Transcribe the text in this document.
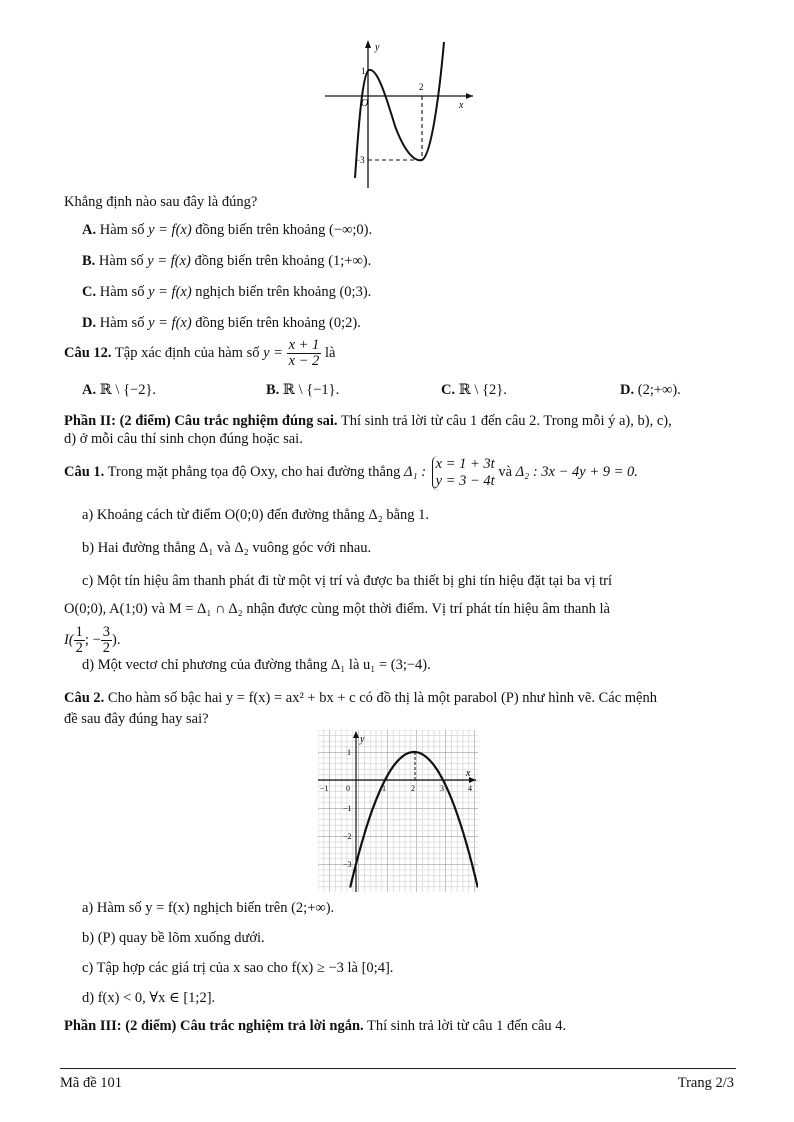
y
x
O
1
2
−3
Khẳng định nào sau đây là đúng?
A. Hàm số y = f(x) đồng biến trên khoảng (−∞;0).
B. Hàm số y = f(x) đồng biến trên khoảng (1;+∞).
C. Hàm số y = f(x) nghịch biến trên khoảng (0;3).
D. Hàm số y = f(x) đồng biến trên khoảng (0;2).
Câu 12. Tập xác định của hàm số $y = \frac{x + 1}{x - 2}$ là
A. ℝ \ {−2}.	B. ℝ \ {−1}.	C. ℝ \ {2}.	D. (2;+∞).
Phần II: (2 điểm) Câu trắc nghiệm đúng sai. Thí sinh trả lời từ câu 1 đến câu 2. Trong mỗi ý a), b), c),
d) ở mỗi câu thí sinh chọn đúng hoặc sai.
Câu 1. Trong mặt phẳng tọa độ Oxy, cho hai đường thẳng Δ₁ :
x = 1 + 3t
y = 3 − 4t
và Δ₂ : 3x − 4y + 9 = 0.
a) Khoảng cách từ điểm O(0;0) đến đường thẳng Δ₂ bằng 1.
b) Hai đường thẳng Δ₁ và Δ₂ vuông góc với nhau.
c) Một tín hiệu âm thanh phát đi từ một vị trí và được ba thiết bị ghi tín hiệu đặt tại ba vị trí
O(0;0), A(1;0) và M = Δ₁ ∩ Δ₂ nhận được cùng một thời điểm. Vị trí phát tín hiệu âm thanh là
$I( \frac{1}{2}$ ; − $\frac{3}{2}$ ).
d) Một vectơ chỉ phương của đường thẳng Δ₁ là u₁ = (3;−4).
Câu 2. Cho hàm số bậc hai y = f(x) = ax² + bx + c có đồ thị là một parabol (P) như hình vẽ. Các mệnh
đề sau đây đúng hay sai?
y
x
0
−1	1	2	3	4
1
−1
−2
−3
a) Hàm số y = f(x) nghịch biến trên (2;+∞).
b) (P) quay bề lõm xuống dưới.
c) Tập hợp các giá trị của x sao cho f(x) ≥ −3 là [0;4].
d) f(x) < 0, ∀x ∈ [1;2].
Phần III: (2 điểm) Câu trắc nghiệm trả lời ngắn. Thí sinh trả lời từ câu 1 đến câu 4.
Mã đề 101	Trang 2/3
